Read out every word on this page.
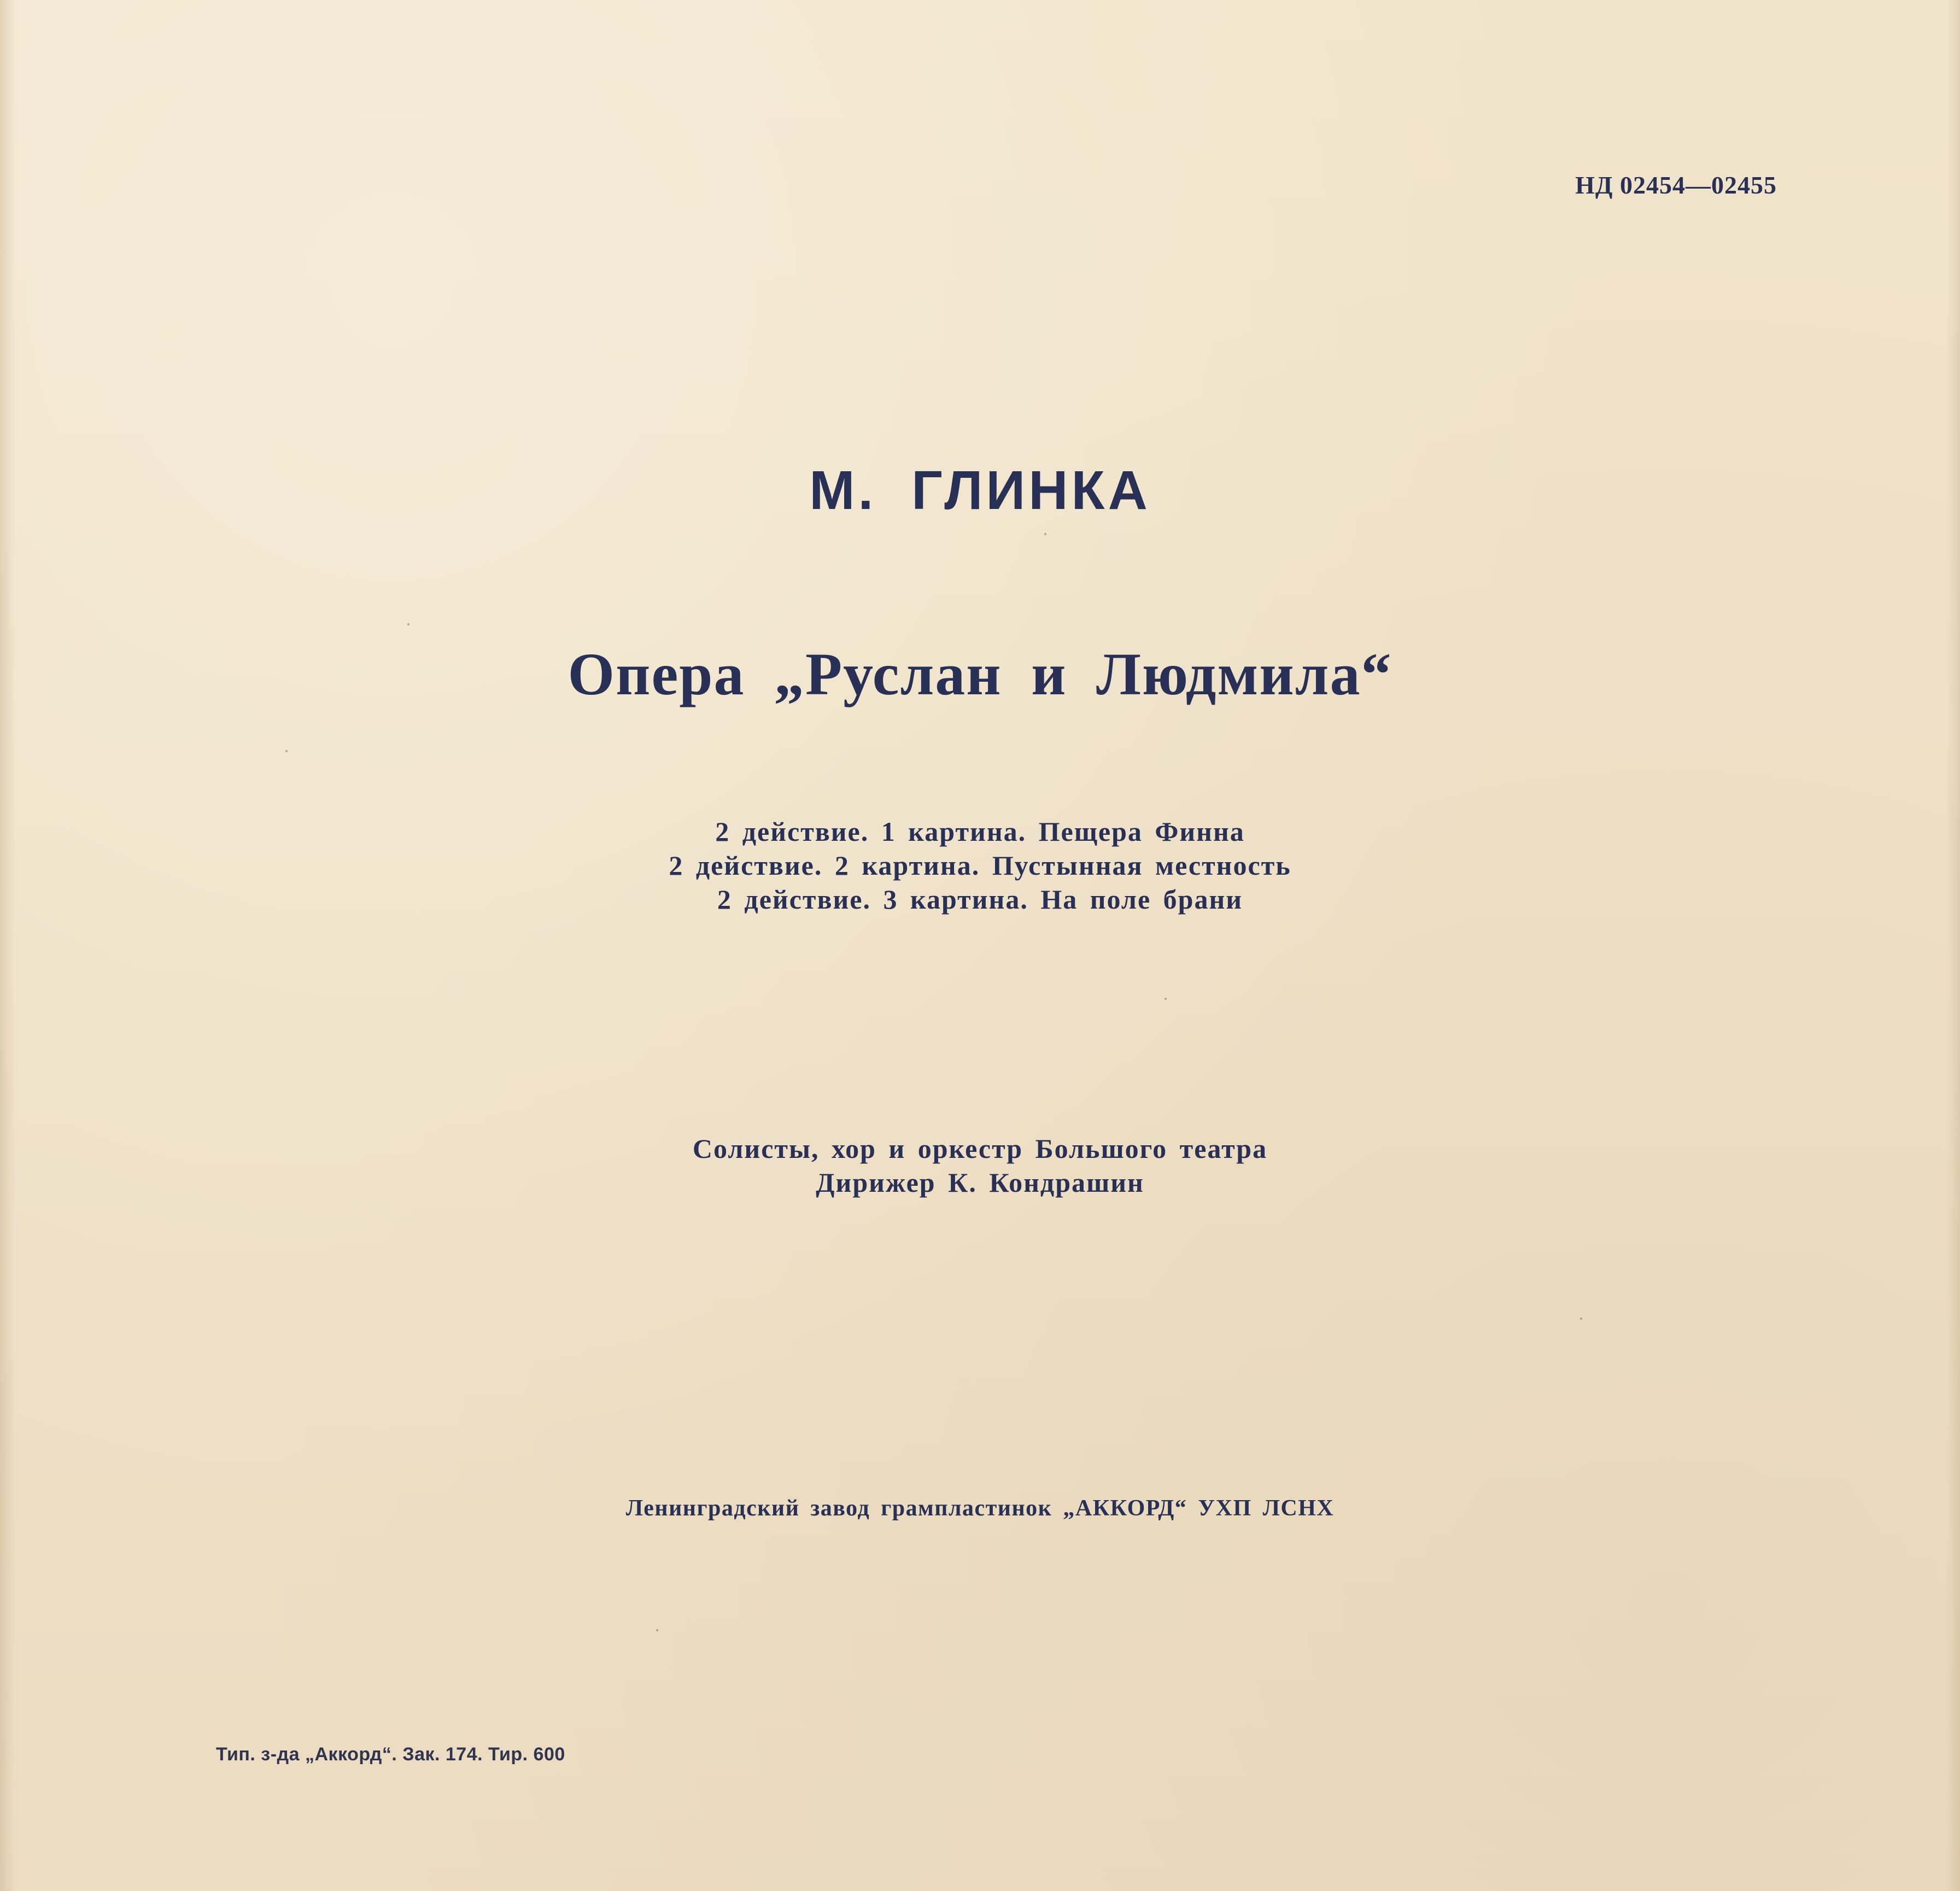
НД 02454—02455
М. ГЛИНКА
Опера „Руслан и Людмила“
2 действие. 1 картина. Пещера Финна
2 действие. 2 картина. Пустынная местность
2 действие. 3 картина. На поле брани
Солисты, хор и оркестр Большого театра
Дирижер К. Кондрашин
Ленинградский завод грампластинок „АККОРД“ УХП ЛСНХ
Тип. з-да „Аккорд“. Зак. 174. Тир. 600
